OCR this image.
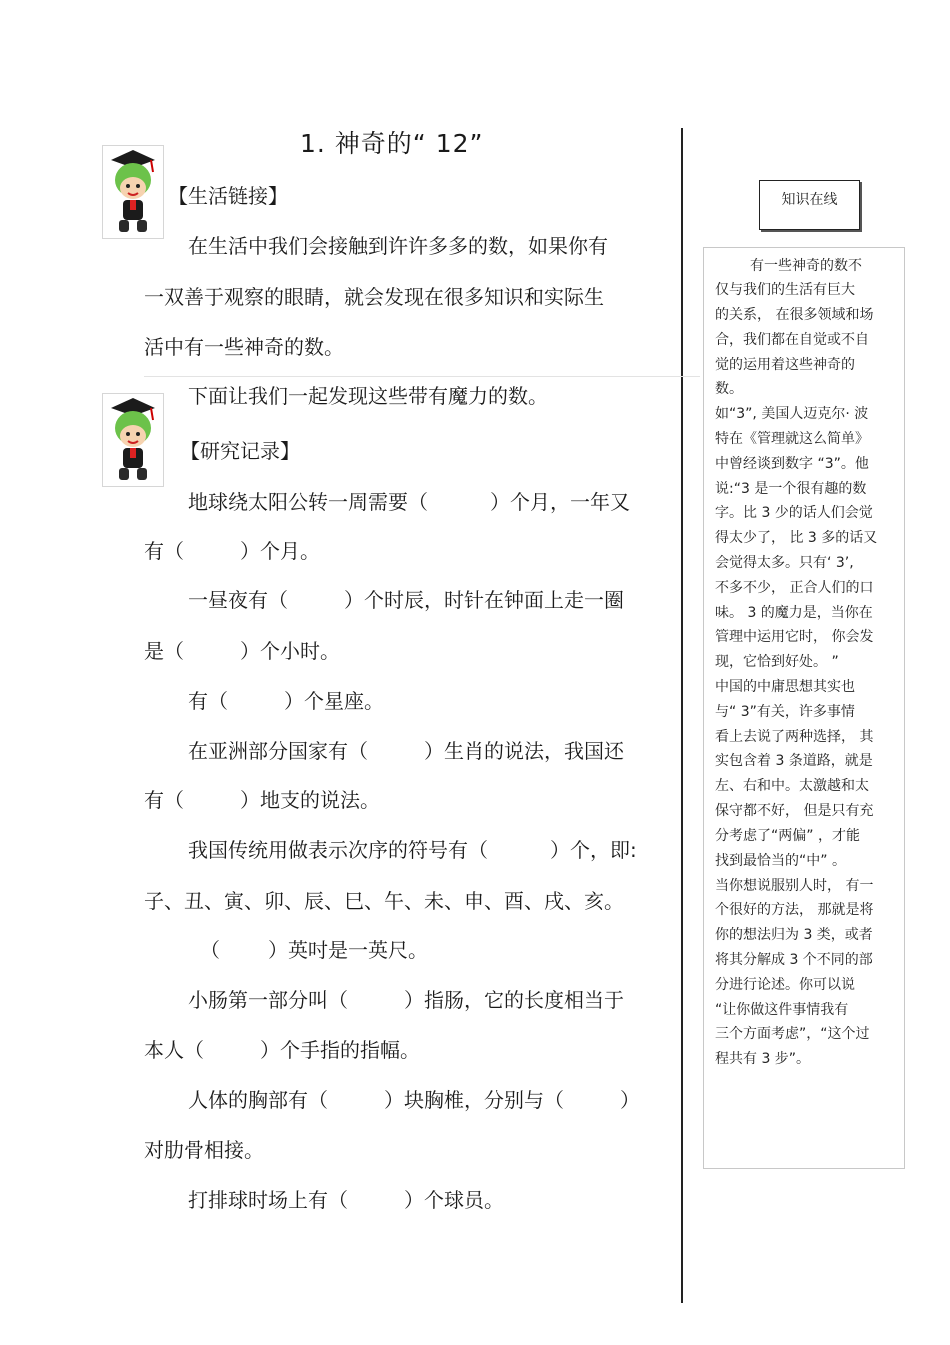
1. 神奇的“ 12”
【生活链接】
在生活中我们会接触到许许多多的数，如果你有
一双善于观察的眼睛，就会发现在很多知识和实际生
活中有一些神奇的数。
下面让我们一起发现这些带有魔力的数。
【研究记录】
地球绕太阳公转一周需要（	）个月，一年又
有（	）个月。
一昼夜有（	）个时辰，时针在钟面上走一圈
是（	）个小时。
有（	）个星座。
在亚洲部分国家有（	）生肖的说法，我国还
有（	）地支的说法。
我国传统用做表示次序的符号有（	）个，即:
子、丑、寅、卯、辰、巳、午、未、申、酉、戌、亥。
（ ）英吋是一英尺。
小肠第一部分叫（	）指肠，它的长度相当于
本人（	）个手指的指幅。
人体的胸部有（	）块胸椎，分别与（	）
对肋骨相接。
打排球时场上有（	）个球员。
知识在线
有一些神奇的数不
仅与我们的生活有巨大
的关系， 在很多领域和场
合，我们都在自觉或不自
觉的运用着这些神奇的
数。
如“3”, 美国人迈克尔· 波
特在《管理就这么简单》
中曾经谈到数字 “3”。他
说:“3 是一个很有趣的数
字。比 3 少的话人们会觉
得太少了， 比 3 多的话又
会觉得太多。只有‘ 3’,
不多不少， 正合人们的口
味。 3 的魔力是，当你在
管理中运用它时， 你会发
现，它恰到好处。 ”
中国的中庸思想其实也
与“ 3”有关，许多事情
看上去说了两种选择， 其
实包含着 3 条道路，就是
左、右和中。太激越和太
保守都不好， 但是只有充
分考虑了“两偏” ，才能
找到最恰当的“中” 。
当你想说服别人时， 有一
个很好的方法， 那就是将
你的想法归为 3 类，或者
将其分解成 3 个不同的部
分进行论述。你可以说
“让你做这件事情我有
三个方面考虑”，“这个过
程共有 3 步”。
